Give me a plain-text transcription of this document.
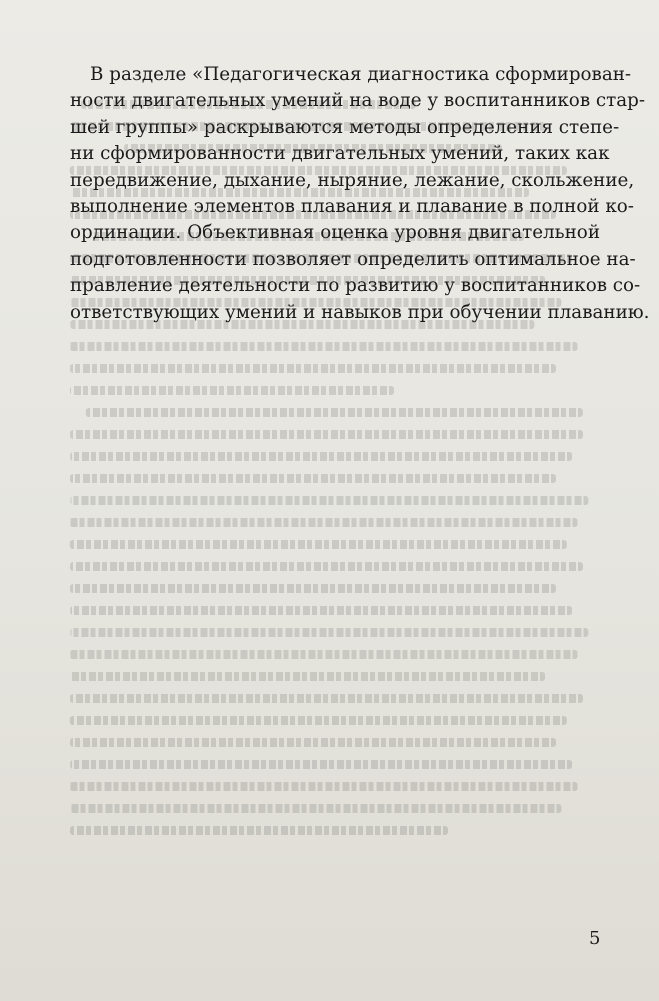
В разделе «Педагогическая диагностика сформирован-
ности двигательных умений на воде у воспитанников стар-
шей группы» раскрываются методы определения степе-
ни сформированности двигательных умений, таких как
передвижение, дыхание, ныряние, лежание, скольжение,
выполнение элементов плавания и плавание в полной ко-
ординации. Объективная оценка уровня двигательной
подготовленности позволяет определить оптимальное на-
правление деятельности по развитию у воспитанников со-
ответствующих умений и навыков при обучении плаванию.
5
